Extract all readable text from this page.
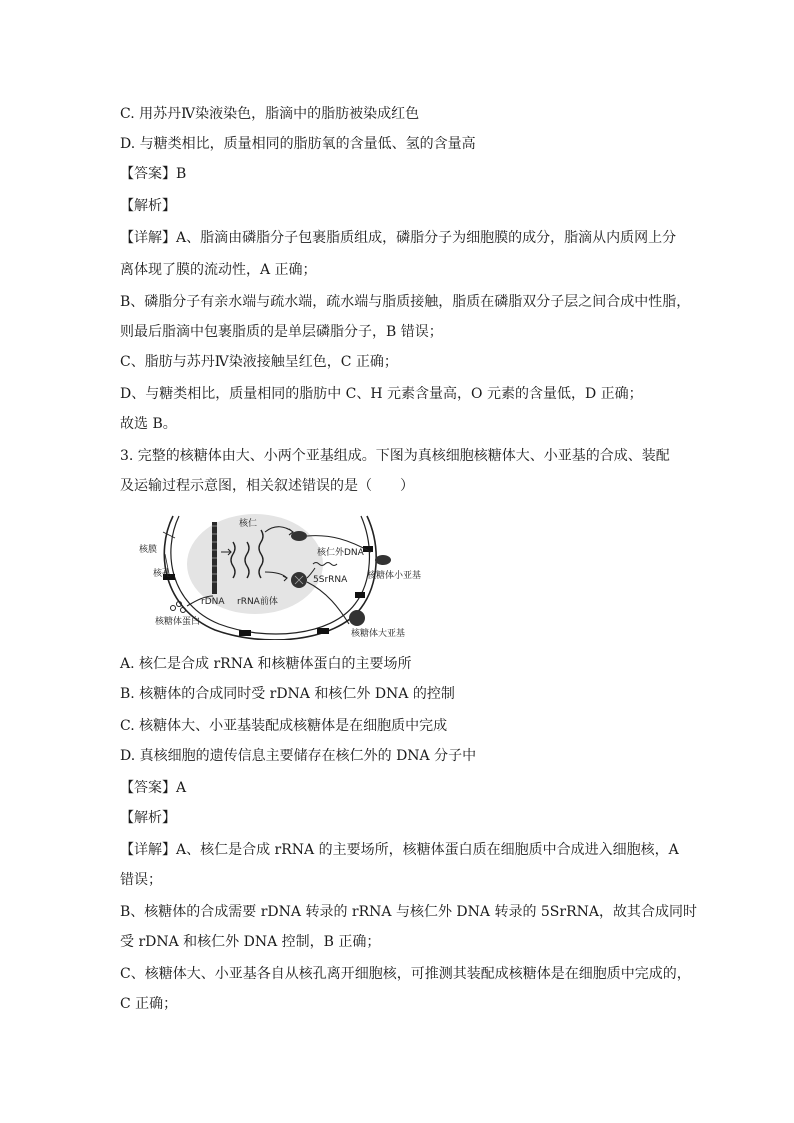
C. 用苏丹Ⅳ染液染色，脂滴中的脂肪被染成红色
D. 与糖类相比，质量相同的脂肪氧的含量低、氢的含量高
【答案】B
【解析】
【详解】A、脂滴由磷脂分子包裹脂质组成，磷脂分子为细胞膜的成分，脂滴从内质网上分
离体现了膜的流动性，A 正确；
B、磷脂分子有亲水端与疏水端，疏水端与脂质接触，脂质在磷脂双分子层之间合成中性脂，
则最后脂滴中包裹脂质的是单层磷脂分子，B 错误；
C、脂肪与苏丹Ⅳ染液接触呈红色，C 正确；
D、与糖类相比，质量相同的脂肪中 C、H 元素含量高，O 元素的含量低，D 正确；
故选 B。
3. 完整的核糖体由大、小两个亚基组成。下图为真核细胞核糖体大、小亚基的合成、装配
及运输过程示意图，相关叙述错误的是（　　）
核膜
核仁
核仁外DNA
核孔
5SrRNA 核糖体小亚基
rDNA rRNA前体
核糖体蛋白
核糖体大亚基
A. 核仁是合成 rRNA 和核糖体蛋白的主要场所
B. 核糖体的合成同时受 rDNA 和核仁外 DNA 的控制
C. 核糖体大、小亚基装配成核糖体是在细胞质中完成
D. 真核细胞的遗传信息主要储存在核仁外的 DNA 分子中
【答案】A
【解析】
【详解】A、核仁是合成 rRNA 的主要场所，核糖体蛋白质在细胞质中合成进入细胞核，A
错误；
B、核糖体的合成需要 rDNA 转录的 rRNA 与核仁外 DNA 转录的 5SrRNA，故其合成同时
受 rDNA 和核仁外 DNA 控制，B 正确；
C、核糖体大、小亚基各自从核孔离开细胞核，可推测其装配成核糖体是在细胞质中完成的，
C 正确；
